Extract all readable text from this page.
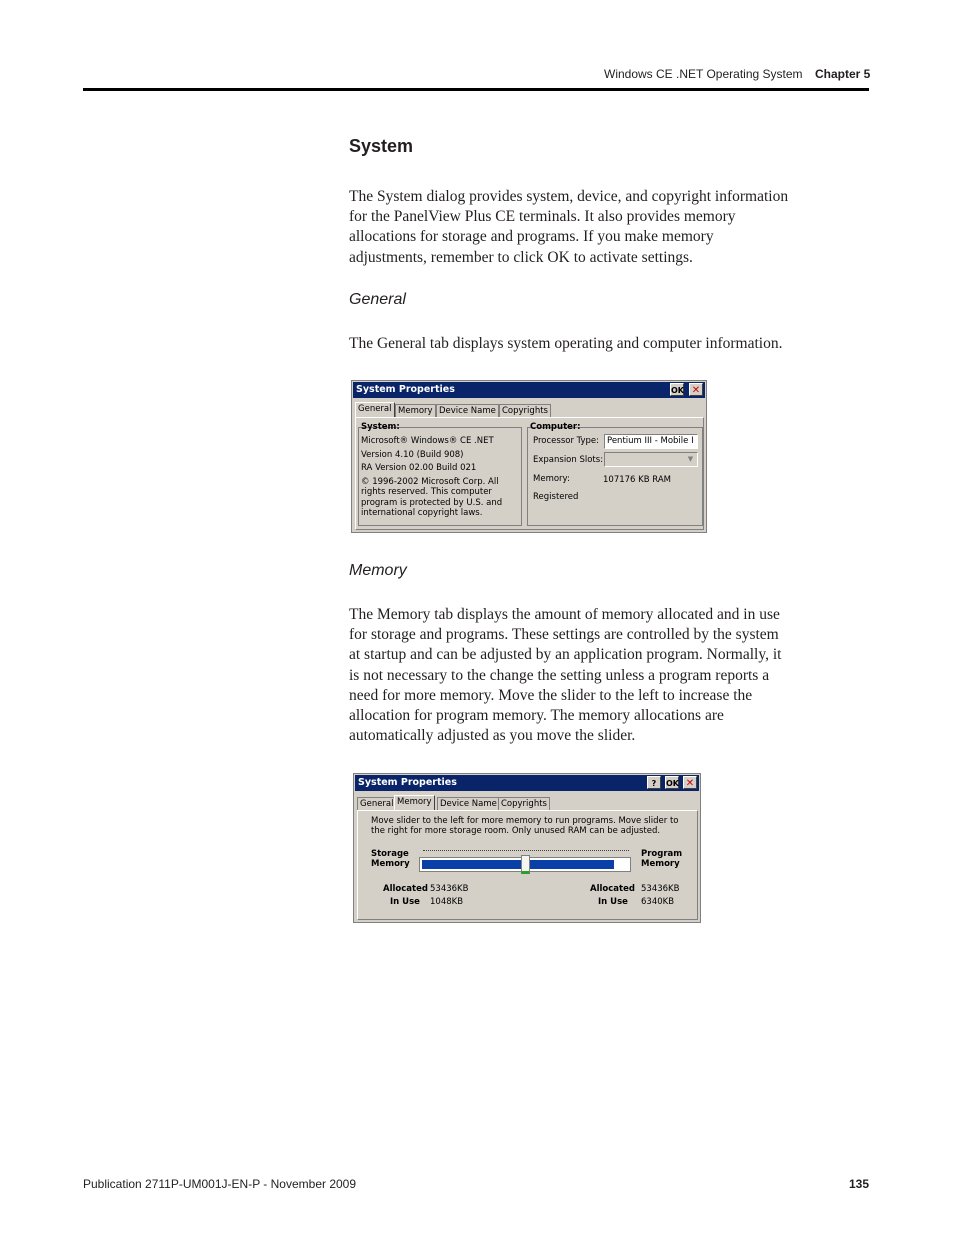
Windows CE .NET Operating System Chapter 5
System
The System dialog provides system, device, and copyright information
for the PanelView Plus CE terminals. It also provides memory
allocations for storage and programs. If you make memory
adjustments, remember to click OK to activate settings.
General
The General tab displays system operating and computer information.
System Properties	OK ✕
General Memory Device Name Copyrights
System:
Microsoft® Windows® CE .NET
Version 4.10 (Build 908)
RA Version 02.00 Build 021
© 1996-2002 Microsoft Corp. All
rights reserved. This computer
program is protected by U.S. and
international copyright laws.
Computer:
Processor Type: Pentium III - Mobile I
Expansion Slots:	▼
Memory:	107176 KB RAM
Registered
Memory
The Memory tab displays the amount of memory allocated and in use
for storage and programs. These settings are controlled by the system
at startup and can be adjusted by an application program. Normally, it
is not necessary to the change the setting unless a program reports a
need for more memory. Move the slider to the left to increase the
allocation for program memory. The memory allocations are
automatically adjusted as you move the slider.
System Properties	?	OK ✕
General Memory Device Name Copyrights
Move slider to the left for more memory to run programs. Move slider to
the right for more storage room. Only unused RAM can be adjusted.
Storage
Memory
Program
Memory
Allocated 53436KB
In Use 1048KB
Allocated 53436KB
In Use 6340KB
Publication 2711P-UM001J-EN-P - November 2009	135
